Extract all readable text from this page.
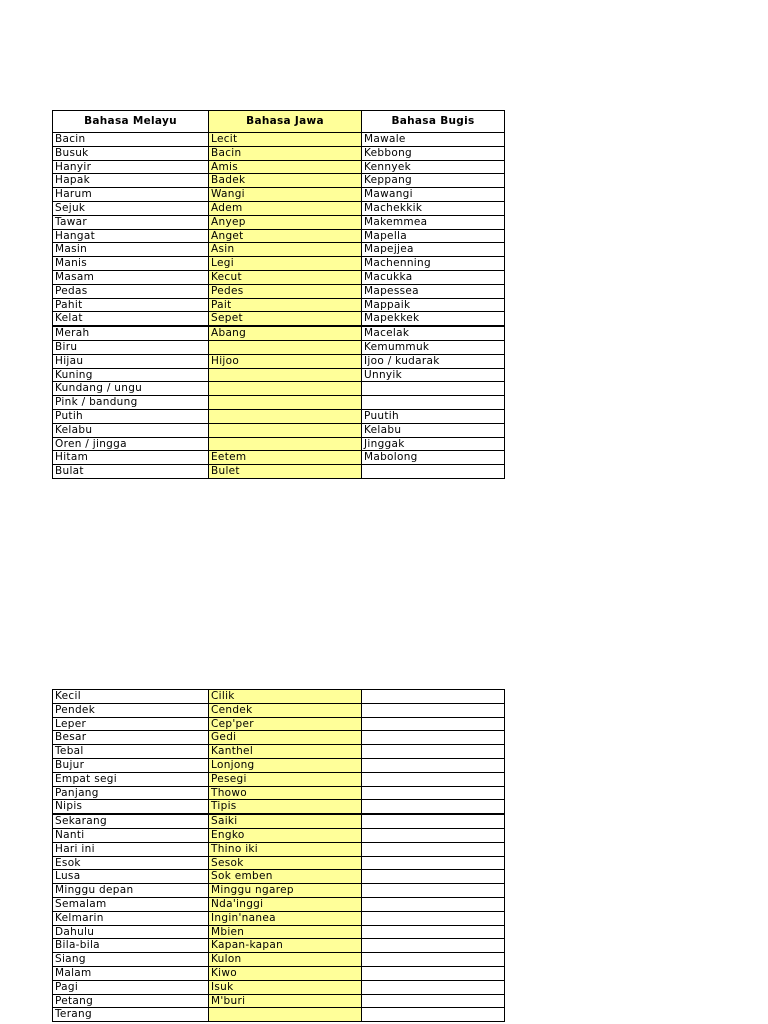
Bahasa Melayu	Bahasa Jawa	Bahasa Bugis
Bacin	Lecit	Mawale
Busuk	Bacin	Kebbong
Hanyir	Amis	Kennyek
Hapak	Badek	Keppang
Harum	Wangi	Mawangi
Sejuk	Adem	Machekkik
Tawar	Anyep	Makemmea
Hangat	Anget	Mapella
Masin	Asin	Mapejjea
Manis	Legi	Machenning
Masam	Kecut	Macukka
Pedas	Pedes	Mapessea
Pahit	Pait	Mappaik
Kelat	Sepet	Mapekkek
Merah	Abang	Macelak
Biru		Kemummuk
Hijau	Hijoo	Ijoo / kudarak
Kuning		Unnyik
Kundang / ungu		
Pink / bandung		
Putih		Puutih
Kelabu		Kelabu
Oren / jingga		Jinggak
Hitam	Eetem	Mabolong
Bulat	Bulet	
Kecil	Cilik	
Pendek	Cendek	
Leper	Cep'per	
Besar	Gedi	
Tebal	Kanthel	
Bujur	Lonjong	
Empat segi	Pesegi	
Panjang	Thowo	
Nipis	Tipis	
Sekarang	Saiki	
Nanti	Engko	
Hari ini	Thino iki	
Esok	Sesok	
Lusa	Sok emben	
Minggu depan	Minggu ngarep	
Semalam	Nda'inggi	
Kelmarin	Ingin'nanea	
Dahulu	Mbien	
Bila-bila	Kapan-kapan	
Siang	Kulon	
Malam	Kiwo	
Pagi	Isuk	
Petang	M'buri	
Terang		
